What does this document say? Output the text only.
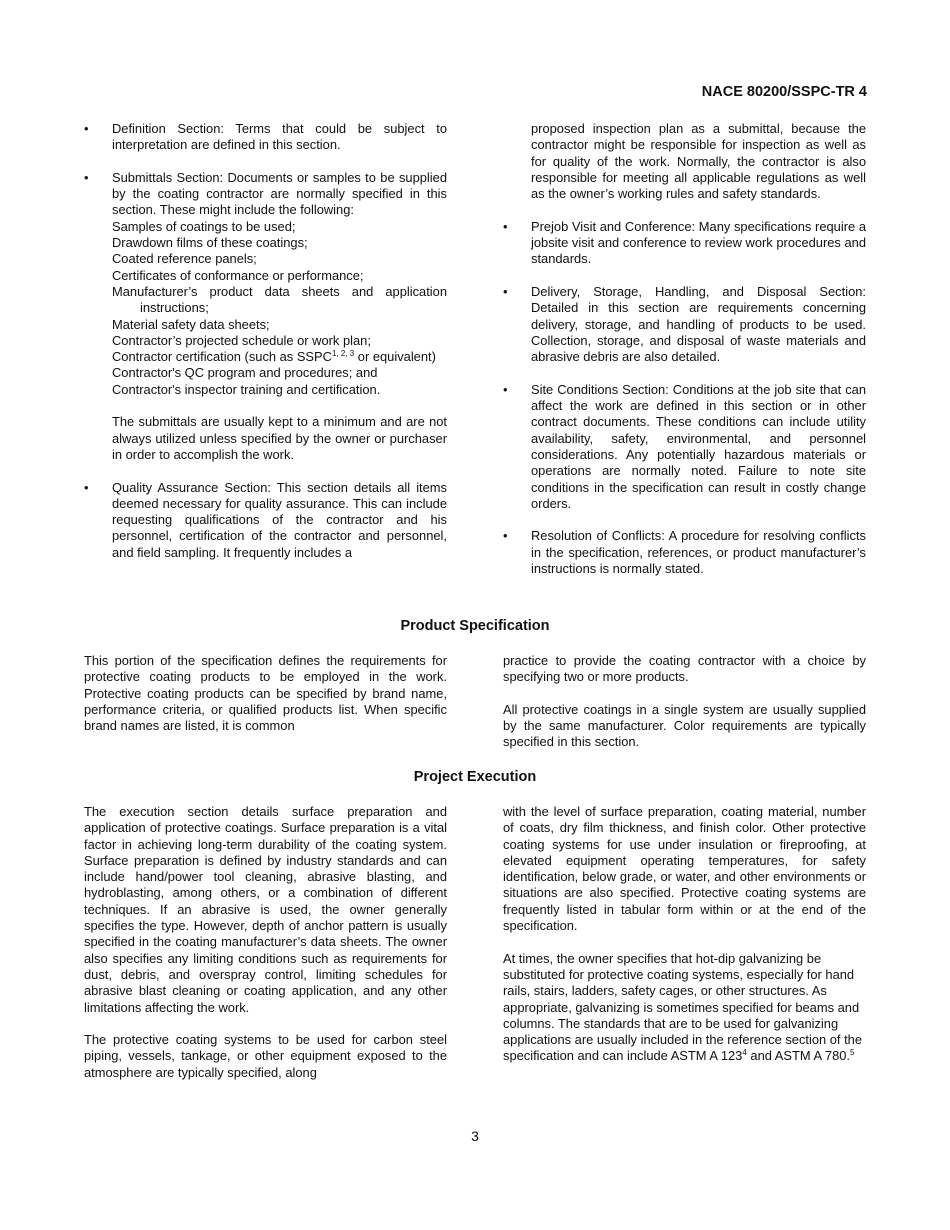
NACE 80200/SSPC-TR 4
• Definition Section: Terms that could be subject to interpretation are defined in this section.

• Submittals Section: Documents or samples to be supplied by the coating contractor are normally specified in this section. These might include the following:

Samples of coatings to be used;
Drawdown films of these coatings;
Coated reference panels;
Certificates of conformance or performance;
Manufacturer’s product data sheets and application instructions;
Material safety data sheets;
Contractor’s projected schedule or work plan;
Contractor certification (such as SSPC$^{1, 2, 3}$ or equivalent)
Contractor's QC program and procedures; and
Contractor's inspector training and certification.

The submittals are usually kept to a minimum and are not always utilized unless specified by the owner or purchaser in order to accomplish the work.

• Quality Assurance Section: This section details all items deemed necessary for quality assurance. This can include requesting qualifications of the contractor and his personnel, certification of the contractor and personnel, and field sampling. It frequently includes a

proposed inspection plan as a submittal, because the contractor might be responsible for inspection as well as for quality of the work. Normally, the contractor is also responsible for meeting all applicable regulations as well as the owner’s working rules and safety standards.

• Prejob Visit and Conference: Many specifications require a jobsite visit and conference to review work procedures and standards.

• Delivery, Storage, Handling, and Disposal Section: Detailed in this section are requirements concerning delivery, storage, and handling of products to be used. Collection, storage, and disposal of waste materials and abrasive debris are also detailed.

• Site Conditions Section: Conditions at the job site that can affect the work are defined in this section or in other contract documents. These conditions can include utility availability, safety, environmental, and personnel considerations. Any potentially hazardous materials or operations are normally noted. Failure to note site conditions in the specification can result in costly change orders.

• Resolution of Conflicts: A procedure for resolving conflicts in the specification, references, or product manufacturer’s instructions is normally stated.

Product Specification

This portion of the specification defines the requirements for protective coating products to be employed in the work. Protective coating products can be specified by brand name, performance criteria, or qualified products list. When specific brand names are listed, it is common

practice to provide the coating contractor with a choice by specifying two or more products.

All protective coatings in a single system are usually supplied by the same manufacturer. Color requirements are typically specified in this section.

Project Execution

The execution section details surface preparation and application of protective coatings. Surface preparation is a vital factor in achieving long-term durability of the coating system. Surface preparation is defined by industry standards and can include hand/power tool cleaning, abrasive blasting, and hydroblasting, among others, or a combination of different techniques. If an abrasive is used, the owner generally specifies the type. However, depth of anchor pattern is usually specified in the coating manufacturer’s data sheets. The owner also specifies any limiting conditions such as requirements for dust, debris, and overspray control, limiting schedules for abrasive blast cleaning or coating application, and any other limitations affecting the work.

The protective coating systems to be used for carbon steel piping, vessels, tankage, or other equipment exposed to the atmosphere are typically specified, along

with the level of surface preparation, coating material, number of coats, dry film thickness, and finish color. Other protective coating systems for use under insulation or fireproofing, at elevated equipment operating temperatures, for safety identification, below grade, or water, and other environments or situations are also specified. Protective coating systems are frequently listed in tabular form within or at the end of the specification.

At times, the owner specifies that hot-dip galvanizing be substituted for protective coating systems, especially for hand rails, stairs, ladders, safety cages, or other structures. As appropriate, galvanizing is sometimes specified for beams and columns. The standards that are to be used for galvanizing applications are usually included in the reference section of the specification and can include ASTM A $123^4$ and ASTM A 780.$^5$

3
